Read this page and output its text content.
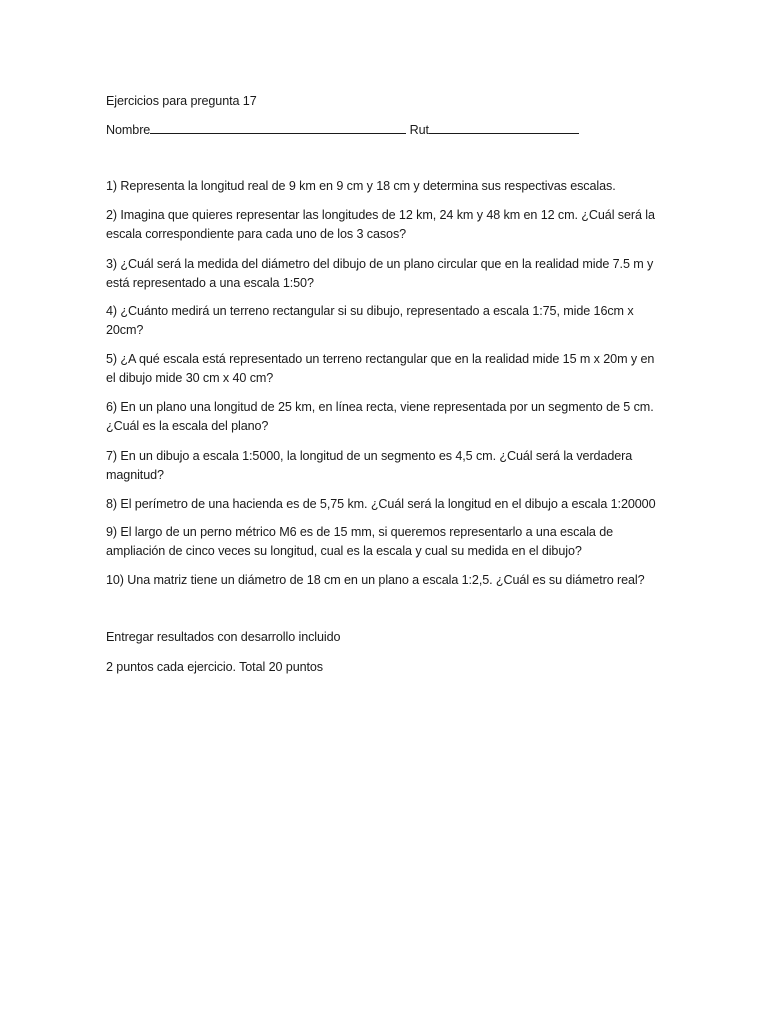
Ejercicios para pregunta 17
Nombre	Rut
1) Representa la longitud real de 9 km en 9 cm y 18 cm y determina sus respectivas escalas.
2) Imagina que quieres representar las longitudes de 12 km, 24 km y 48 km en 12 cm. ¿Cuál será la escala correspondiente para cada uno de los 3 casos?
3) ¿Cuál será la medida del diámetro del dibujo de un plano circular que en la realidad mide 7.5 m y está representado a una escala 1:50?
4) ¿Cuánto medirá un terreno rectangular si su dibujo, representado a escala 1:75, mide 16cm x 20cm?
5) ¿A qué escala está representado un terreno rectangular que en la realidad mide 15 m x 20m y en el dibujo mide 30 cm x 40 cm?
6) En un plano una longitud de 25 km, en línea recta, viene representada por un segmento de 5 cm. ¿Cuál es la escala del plano?
7) En un dibujo a escala 1:5000, la longitud de un segmento es 4,5 cm. ¿Cuál será la verdadera magnitud?
8) El perímetro de una hacienda es de 5,75 km. ¿Cuál será la longitud en el dibujo a escala 1:20000
9) El largo de un perno métrico M6 es de 15 mm, si queremos representarlo a una escala de ampliación de cinco veces su longitud, cual es la escala y cual su medida en el dibujo?
10) Una matriz tiene un diámetro de 18 cm en un plano a escala 1:2,5. ¿Cuál es su diámetro real?
Entregar resultados con desarrollo incluido
2 puntos cada ejercicio. Total 20 puntos
